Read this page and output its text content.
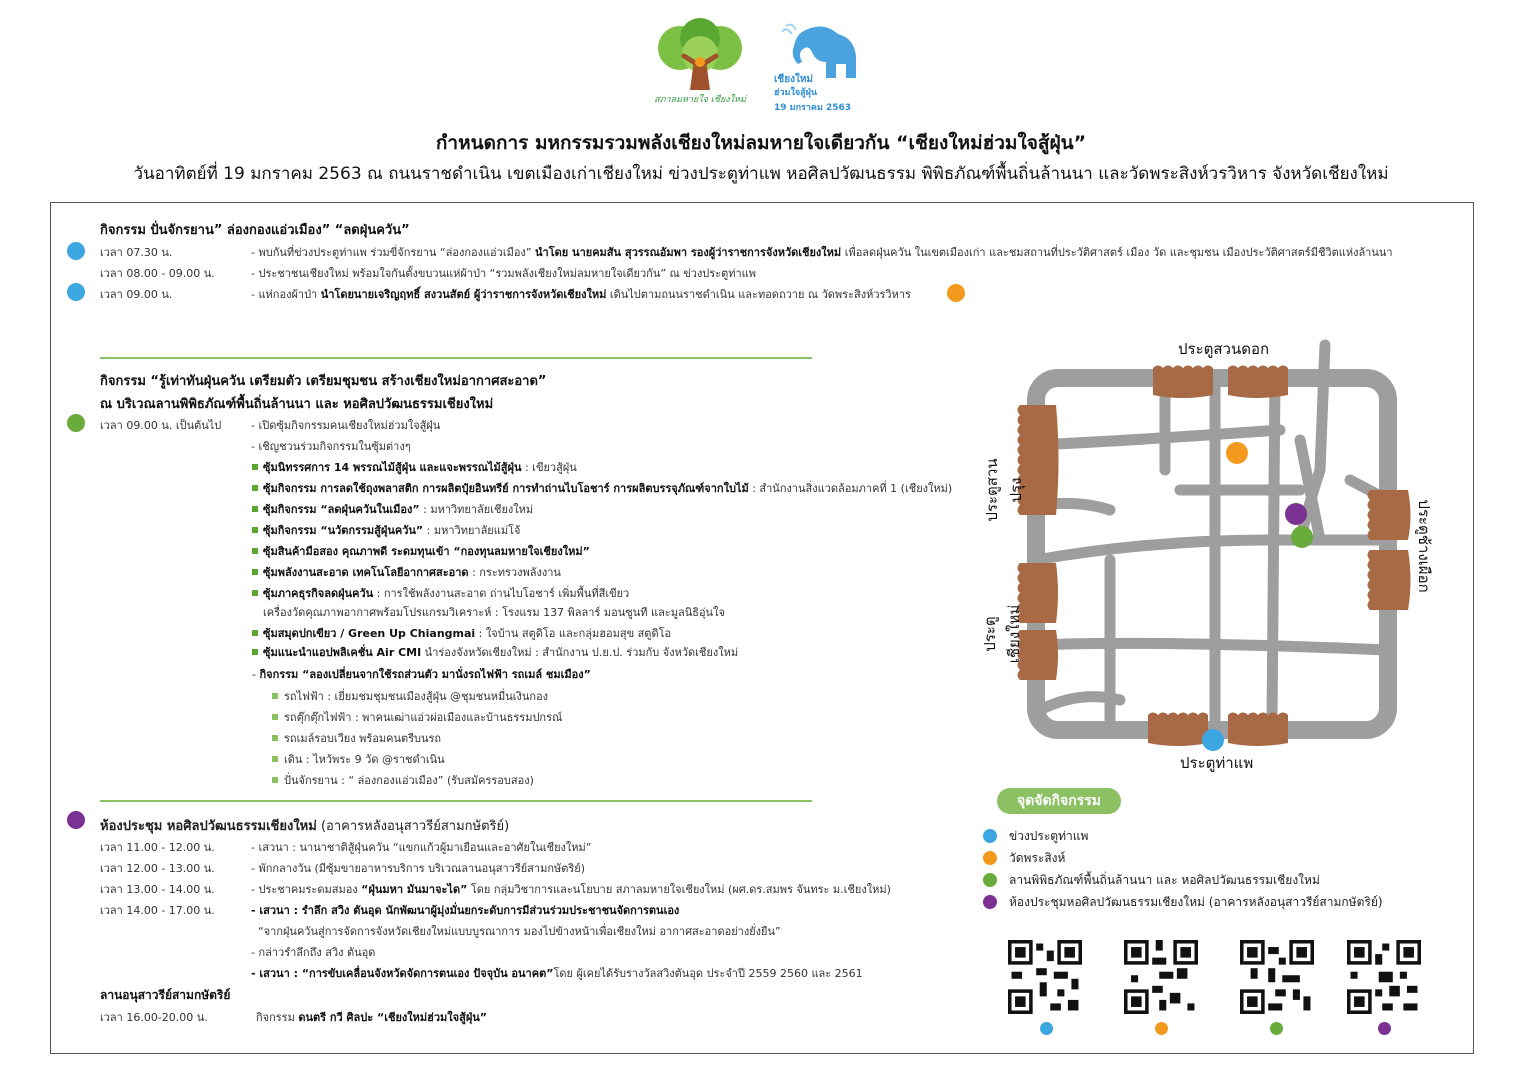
สภาลมหายใจ เชียงใหม่
เชียงใหม่
ฮ่วมใจสู้ฝุ่น
19 มกราคม 2563
กำหนดการ มหกรรมรวมพลังเชียงใหม่ลมหายใจเดียวกัน “เชียงใหม่ฮ่วมใจสู้ฝุ่น”
วันอาทิตย์ที่ 19 มกราคม 2563 ณ ถนนราชดำเนิน เขตเมืองเก่าเชียงใหม่ ข่วงประตูท่าแพ หอศิลปวัฒนธรรม พิพิธภัณฑ์พื้นถิ่นล้านนา และวัดพระสิงห์วรวิหาร จังหวัดเชียงใหม่
กิจกรรม ปั่นจักรยาน” ล่องกองแอ่วเมือง” “ลดฝุ่นควัน”
เวลา 07.30 น.	- พบกันที่ข่วงประตูท่าแพ ร่วมขี่จักรยาน “ล่องกองแอ่วเมือง” นำโดย นายคมสัน สุวรรณอัมพา รองผู้ว่าราชการจังหวัดเชียงใหม่ เพื่อลดฝุ่นควัน ในเขตเมืองเก่า และชมสถานที่ประวัติศาสตร์ เมือง วัด และชุมชน เมืองประวัติศาสตร์มีชีวิตแห่งล้านนา
เวลา 08.00 - 09.00 น.	- ประชาชนเชียงใหม่ พร้อมใจกันตั้งขบวนแห่ผ้าป่า “รวมพลังเชียงใหม่ลมหายใจเดียวกัน” ณ ข่วงประตูท่าแพ
เวลา 09.00 น.	- แห่กองผ้าป่า นำโดยนายเจริญฤทธิ์ สงวนสัตย์ ผู้ว่าราชการจังหวัดเชียงใหม่ เดินไปตามถนนราชดำเนิน และทอดถวาย ณ วัดพระสิงห์วรวิหาร
กิจกรรม “รู้เท่าทันฝุ่นควัน เตรียมตัว เตรียมชุมชน สร้างเชียงใหม่อากาศสะอาด”
ณ บริเวณลานพิพิธภัณฑ์พื้นถิ่นล้านนา และ หอศิลปวัฒนธรรมเชียงใหม่
เวลา 09.00 น. เป็นต้นไป	- เปิดซุ้มกิจกรรมคนเชียงใหม่ฮ่วมใจสู้ฝุ่น
- เชิญชวนร่วมกิจกรรมในซุ้มต่างๆ
ซุ้มนิทรรศการ 14 พรรณไม้สู้ฝุ่น และแจะพรรณไม้สู้ฝุ่น : เขียวสู้ฝุ่น
ซุ้มกิจกรรม การลดใช้ถุงพลาสติก การผลิตปุ๋ยอินทรีย์ การทำถ่านไบโอชาร์ การผลิตบรรจุภัณฑ์จากใบไม้ : สำนักงานสิ่งแวดล้อมภาคที่ 1 (เชียงใหม่)
ซุ้มกิจกรรม “ลดฝุ่นควันในเมือง” : มหาวิทยาลัยเชียงใหม่
ซุ้มกิจกรรม “นวัตกรรมสู้ฝุ่นควัน” : มหาวิทยาลัยแม่โจ้
ซุ้มสินค้ามือสอง คุณภาพดี ระดมทุนเข้า “กองทุนลมหายใจเชียงใหม่”
ซุ้มพลังงานสะอาด เทคโนโลยีอากาศสะอาด : กระทรวงพลังงาน
ซุ้มภาคธุรกิจลดฝุ่นควัน : การใช้พลังงานสะอาด ถ่านไบโอชาร์ เพิ่มพื้นที่สีเขียว
เครื่องวัดคุณภาพอากาศพร้อมโปรแกรมวิเคราะห์ : โรงแรม 137 พิลลาร์ มอนซูนที และมูลนิธิอุ่นใจ
ซุ้มสมุดปกเขียว / Green Up Chiangmai : ใจบ้าน สตูดิโอ และกลุ่มฮอมสุข สตูดิโอ
ซุ้มแนะนำแอปพลิเคชั่น Air CMI นำร่องจังหวัดเชียงใหม่ : สำนักงาน ป.ย.ป. ร่วมกับ จังหวัดเชียงใหม่
- กิจกรรม “ลองเปลี่ยนจากใช้รถส่วนตัว มานั่งรถไฟฟ้า รถเมล์ ชมเมือง”
รถไฟฟ้า : เยี่ยมชมชุมชนเมืองสู้ฝุ่น @ชุมชนหมื่นเงินกอง
รถตุ๊กตุ๊กไฟฟ้า : พาคนเฒ่าแอ่วผ่อเมืองและบ้านธรรมปกรณ์
รถเมล์รอบเวียง พร้อมคนตรีบนรถ
เดิน : ไหว้พระ 9 วัด @ราชดำเนิน
ปั่นจักรยาน : “ ล่องกองแอ่วเมือง” (รับสมัครรอบสอง)
ห้องประชุม หอศิลปวัฒนธรรมเชียงใหม่ (อาคารหลังอนุสาวรีย์สามกษัตริย์)
เวลา 11.00 - 12.00 น.	- เสวนา : นานาชาติสู้ฝุ่นควัน “แขกแก้วผู้มาเยือนและอาศัยในเชียงใหม่”
เวลา 12.00 - 13.00 น.	- พักกลางวัน (มีซุ้มขายอาหารบริการ บริเวณลานอนุสาวรีย์สามกษัตริย์)
เวลา 13.00 - 14.00 น.	- ประชาคมระดมสมอง “ฝุ่นมหา มันมาจะได” โดย กลุ่มวิชาการและนโยบาย สภาลมหายใจเชียงใหม่ (ผศ.ดร.สมพร จันทระ ม.เชียงใหม่)
เวลา 14.00 - 17.00 น.	- เสวนา : รำลึก สวิง ตันอุด นักพัฒนาผู้มุ่งมั่นยกระดับการมีส่วนร่วมประชาชนจัดการตนเอง
“จากฝุ่นควันสู่การจัดการจังหวัดเชียงใหม่แบบบูรณาการ มองไปข้างหน้าเพื่อเชียงใหม่ อากาศสะอาดอย่างยั่งยืน”
- กล่าวรำลึกถึง สวิง ตันอุด
- เสวนา : “การขับเคลื่อนจังหวัดจัดการตนเอง ปัจจุบัน อนาคต”โดย ผู้เคยได้รับรางวัลสวิงตันอุด ประจำปี 2559 2560 และ 2561
ลานอนุสาวรีย์สามกษัตริย์
เวลา 16.00-20.00 น.	กิจกรรม ดนตรี กวี ศิลปะ “เชียงใหม่ฮ่วมใจสู้ฝุ่น”
ประตูสวนดอก
ประตูท่าแพ
ประตูสวนปรุง
ประตูเชียงใหม่
ประตูช้างเผือก
จุดจัดกิจกรรม
ข่วงประตูท่าแพ
วัดพระสิงห์
ลานพิพิธภัณฑ์พื้นถิ่นล้านนา และ หอศิลปวัฒนธรรมเชียงใหม่
ห้องประชุมหอศิลปวัฒนธรรมเชียงใหม่ (อาคารหลังอนุสาวรีย์สามกษัตริย์)
